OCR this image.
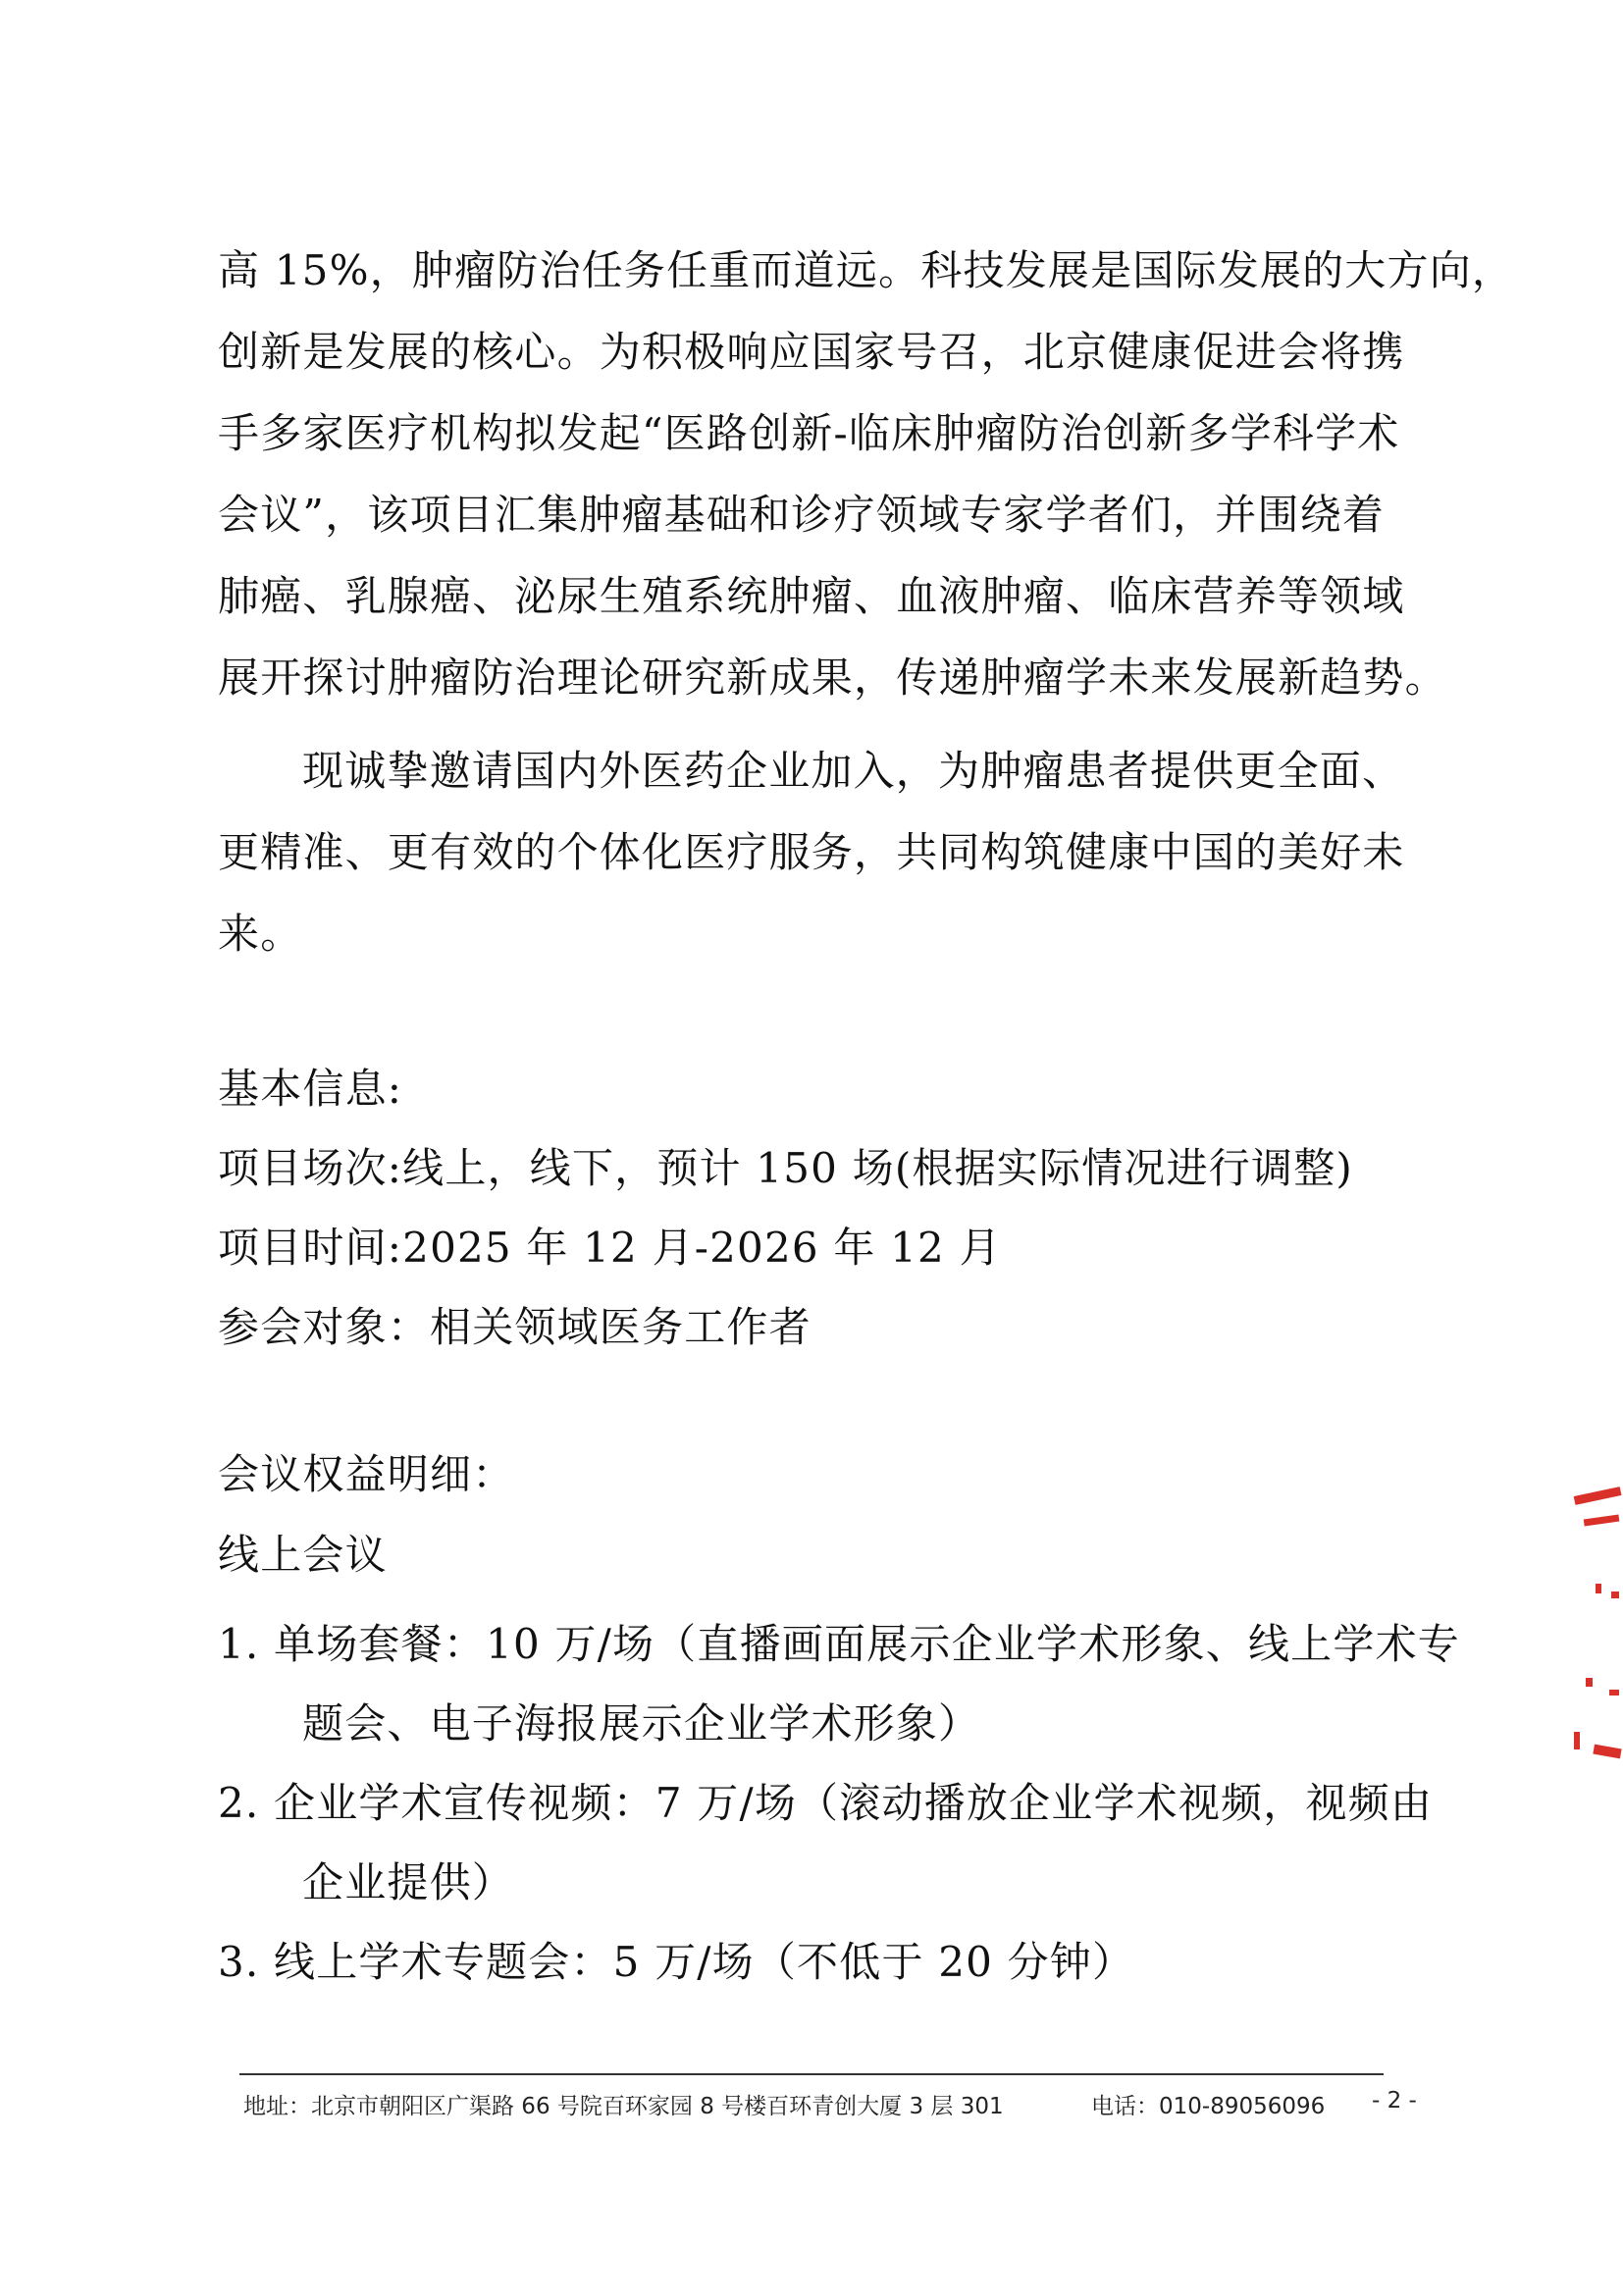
高 15%，肿瘤防治任务任重而道远。科技发展是国际发展的大方向，
创新是发展的核心。为积极响应国家号召，北京健康促进会将携
手多家医疗机构拟发起“医路创新-临床肿瘤防治创新多学科学术
会议”，该项目汇集肿瘤基础和诊疗领域专家学者们，并围绕着
肺癌、乳腺癌、泌尿生殖系统肿瘤、血液肿瘤、临床营养等领域
展开探讨肿瘤防治理论研究新成果，传递肿瘤学未来发展新趋势。
现诚挚邀请国内外医药企业加入，为肿瘤患者提供更全面、
更精准、更有效的个体化医疗服务，共同构筑健康中国的美好未
来。
基本信息:
项目场次:线上，线下，预计 150 场(根据实际情况进行调整)
项目时间:2025 年 12 月-2026 年 12 月
参会对象：相关领域医务工作者
会议权益明细：
线上会议
1. 单场套餐：10 万/场（直播画面展示企业学术形象、线上学术专
题会、电子海报展示企业学术形象）
2. 企业学术宣传视频：7 万/场（滚动播放企业学术视频，视频由
企业提供）
3. 线上学术专题会：5 万/场（不低于 20 分钟）
地址：北京市朝阳区广渠路 66 号院百环家园 8 号楼百环青创大厦 3 层 301	电话：010-89056096 - 2 -
